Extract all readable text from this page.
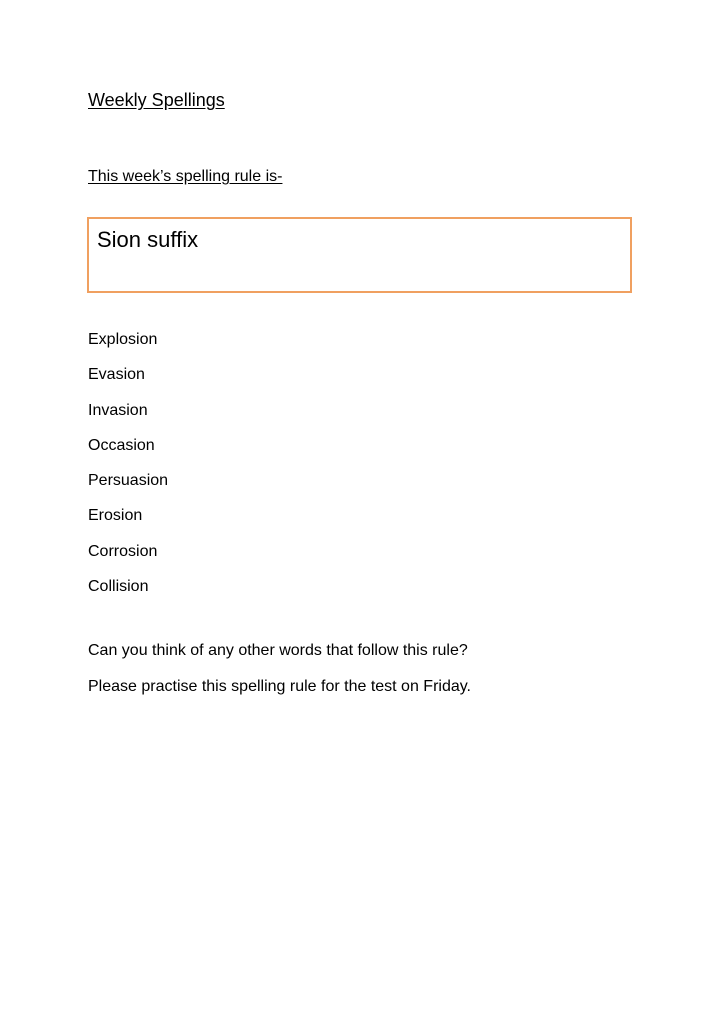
Weekly Spellings
This week’s spelling rule is-
Sion suffix
Explosion
Evasion
Invasion
Occasion
Persuasion
Erosion
Corrosion
Collision

Can you think of any other words that follow this rule?

Please practise this spelling rule for the test on Friday.
